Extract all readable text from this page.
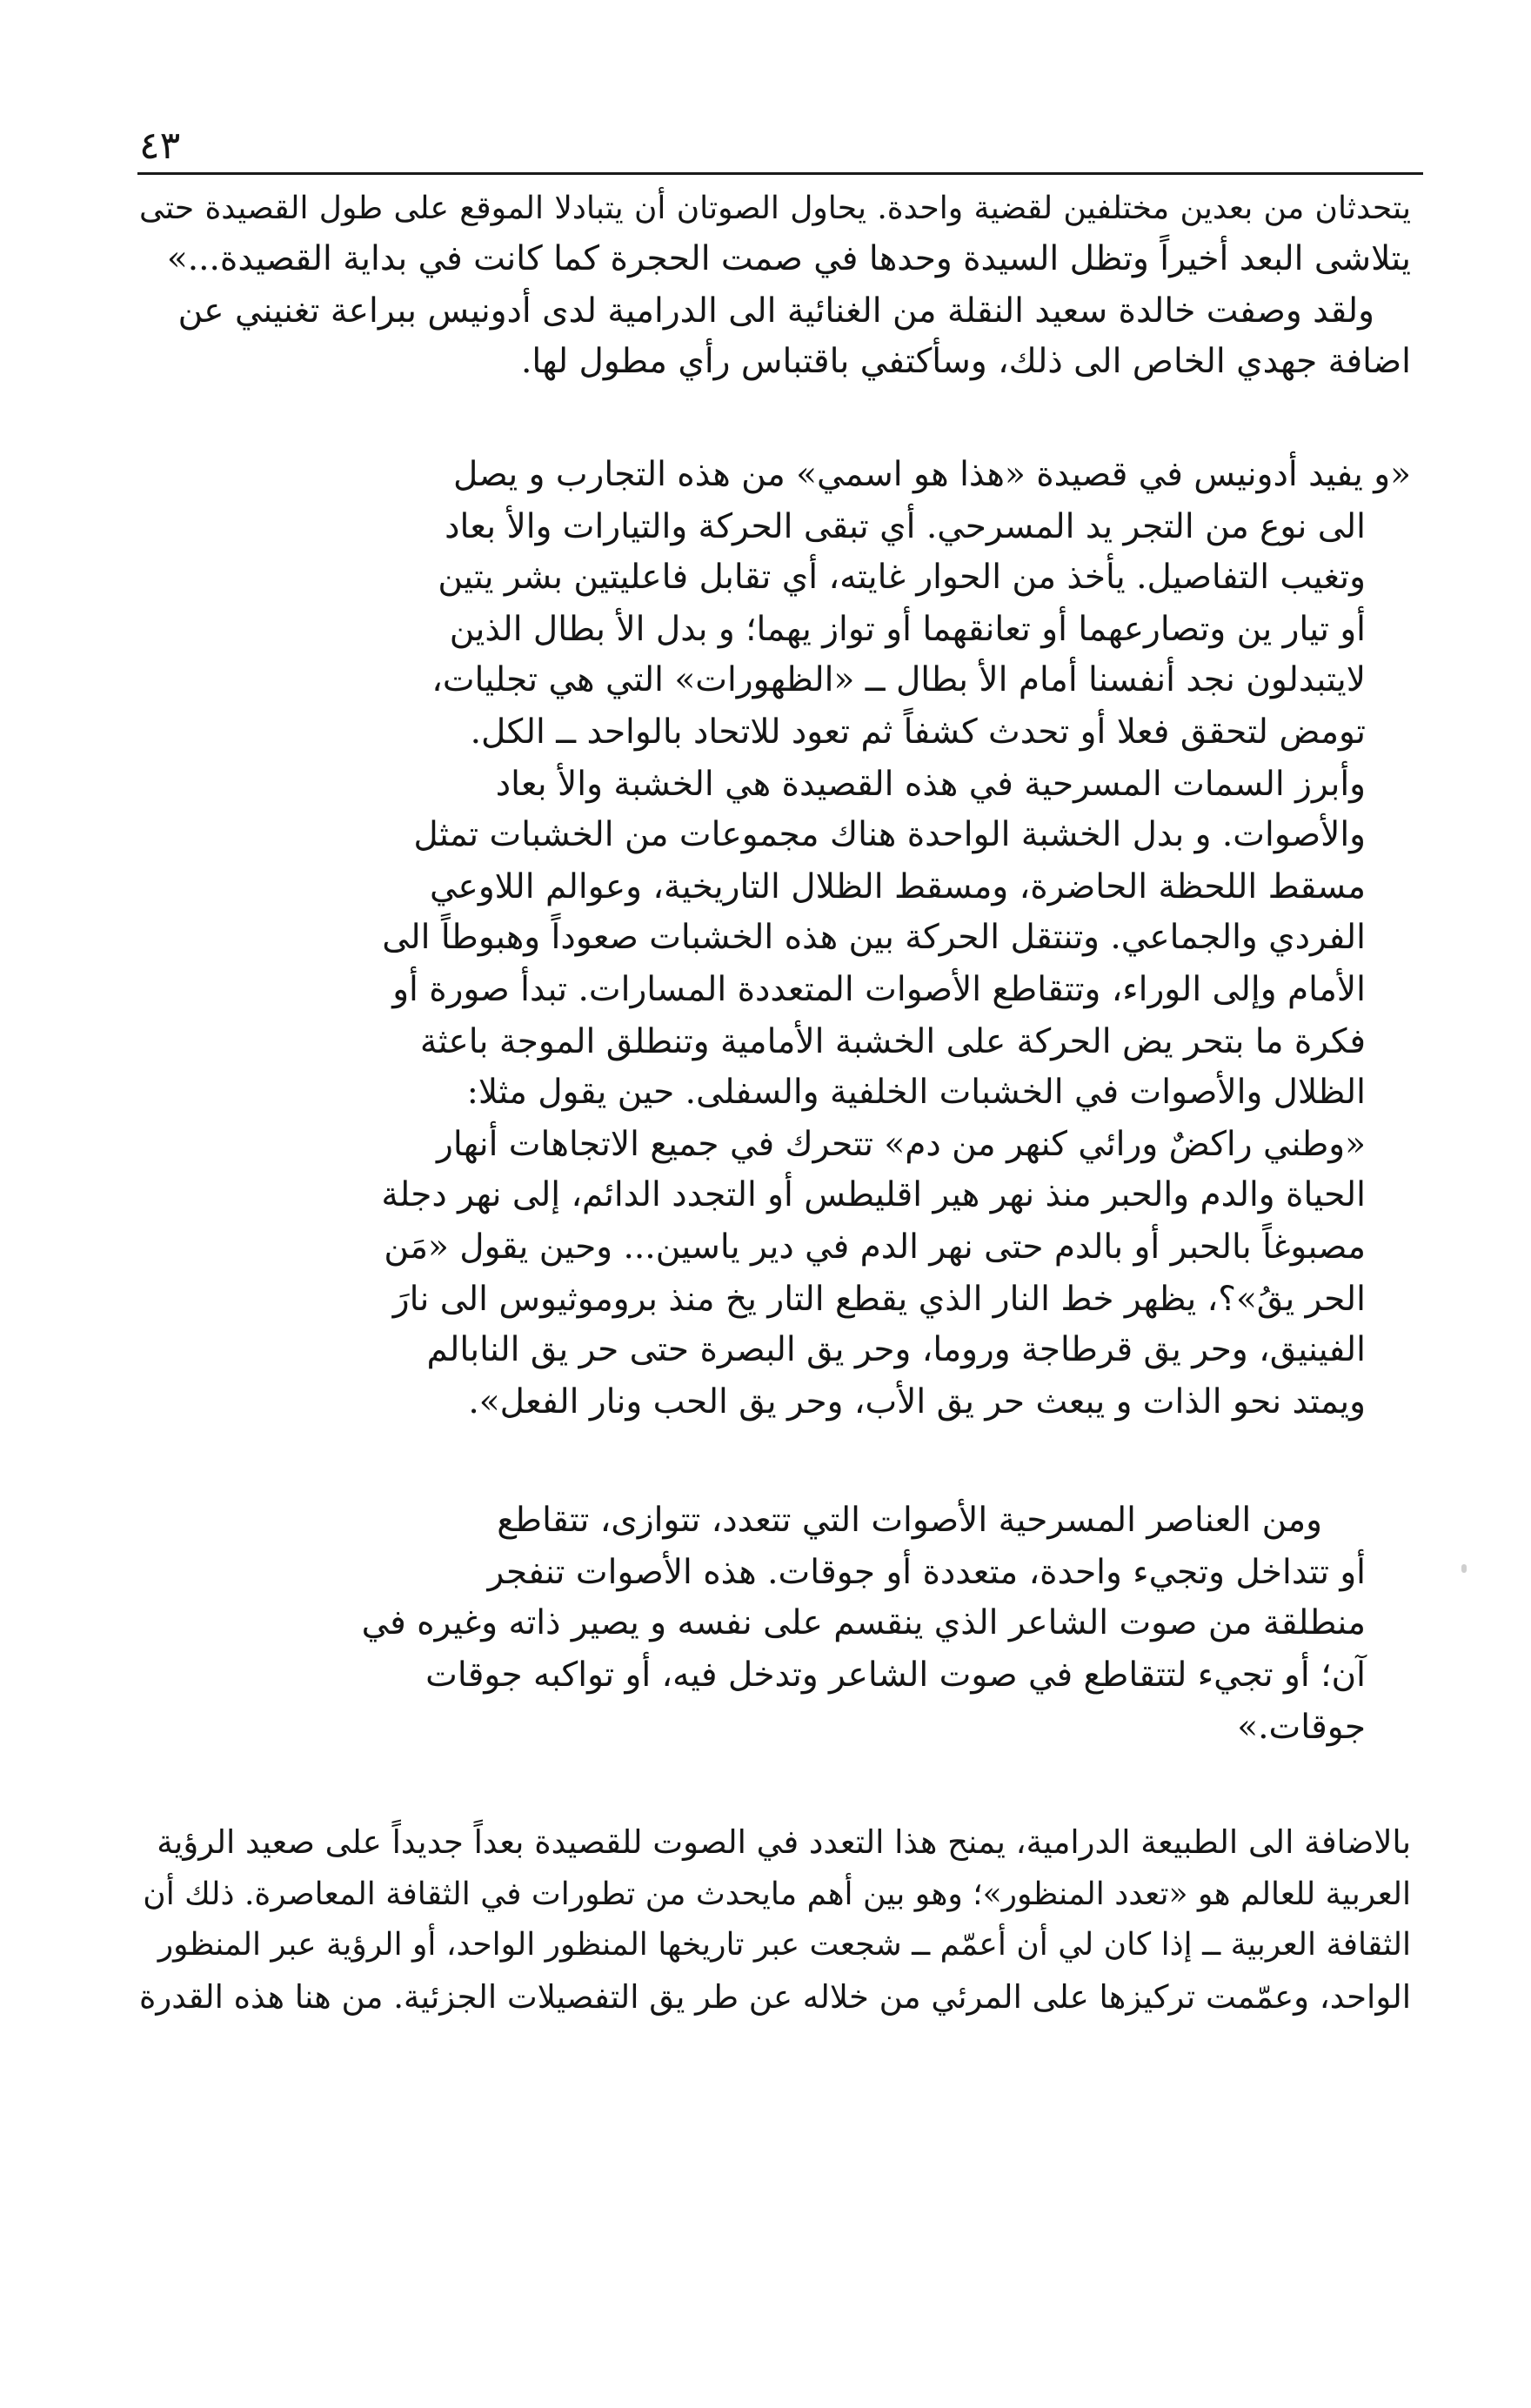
٤٣
يتحدثان من بعدين مختلفين لقضية واحدة. يحاول الصوتان أن يتبادلا الموقع على طول القصيدة حتى
يتلاشى البعد أخيراً وتظل السيدة وحدها في صمت الحجرة كما كانت في بداية القصيدة...»
ولقد وصفت خالدة سعيد النقلة من الغنائية الى الدرامية لدى أدونيس ببراعة تغنيني عن
اضافة جهدي الخاص الى ذلك، وسأكتفي باقتباس رأي مطول لها.
«و يفيد أدونيس في قصيدة «هذا هو اسمي» من هذه التجارب و يصل
الى نوع من التجر يد المسرحي. أي تبقى الحركة والتيارات والأ بعاد
وتغيب التفاصيل. يأخذ من الحوار غايته، أي تقابل فاعليتين بشر يتين
أو تيار ين وتصارعهما أو تعانقهما أو تواز يهما؛ و بدل الأ بطال الذين
لايتبدلون نجد أنفسنا أمام الأ بطال ــ «الظهورات» التي هي تجليات،
تومض لتحقق فعلا أو تحدث كشفاً ثم تعود للاتحاد بالواحد ــ الكل.
وأبرز السمات المسرحية في هذه القصيدة هي الخشبة والأ بعاد
والأصوات. و بدل الخشبة الواحدة هناك مجموعات من الخشبات تمثل
مسقط اللحظة الحاضرة، ومسقط الظلال التاريخية، وعوالم اللاوعي
الفردي والجماعي. وتنتقل الحركة بين هذه الخشبات صعوداً وهبوطاً الى
الأمام وإلى الوراء، وتتقاطع الأصوات المتعددة المسارات. تبدأ صورة أو
فكرة ما بتحر يض الحركة على الخشبة الأمامية وتنطلق الموجة باعثة
الظلال والأصوات في الخشبات الخلفية والسفلى. حين يقول مثلا:
«وطني راكضٌ ورائي كنهر من دم» تتحرك في جميع الاتجاهات أنهار
الحياة والدم والحبر منذ نهر هير اقليطس أو التجدد الدائم، إلى نهر دجلة
مصبوغاً بالحبر أو بالدم حتى نهر الدم في دير ياسين... وحين يقول «مَن
الحر يقُ»؟، يظهر خط النار الذي يقطع التار يخ منذ بروموثيوس الى نارَ
الفينيق، وحر يق قرطاجة وروما، وحر يق البصرة حتى حر يق النابالم
ويمتد نحو الذات و يبعث حر يق الأب، وحر يق الحب ونار الفعل».
ومن العناصر المسرحية الأصوات التي تتعدد، تتوازى، تتقاطع
أو تتداخل وتجيء واحدة، متعددة أو جوقات. هذه الأصوات تنفجر
منطلقة من صوت الشاعر الذي ينقسم على نفسه و يصير ذاته وغيره في
آن؛ أو تجيء لتتقاطع في صوت الشاعر وتدخل فيه، أو تواكبه جوقات
جوقات.»
بالاضافة الى الطبيعة الدرامية، يمنح هذا التعدد في الصوت للقصيدة بعداً جديداً على صعيد الرؤية
العربية للعالم هو «تعدد المنظور»؛ وهو بين أهم مايحدث من تطورات في الثقافة المعاصرة. ذلك أن
الثقافة العربية ــ إذا كان لي أن أعمّم ــ شجعت عبر تاريخها المنظور الواحد، أو الرؤية عبر المنظور
الواحد، وعمّمت تركيزها على المرئي من خلاله عن طر يق التفصيلات الجزئية. من هنا هذه القدرة
